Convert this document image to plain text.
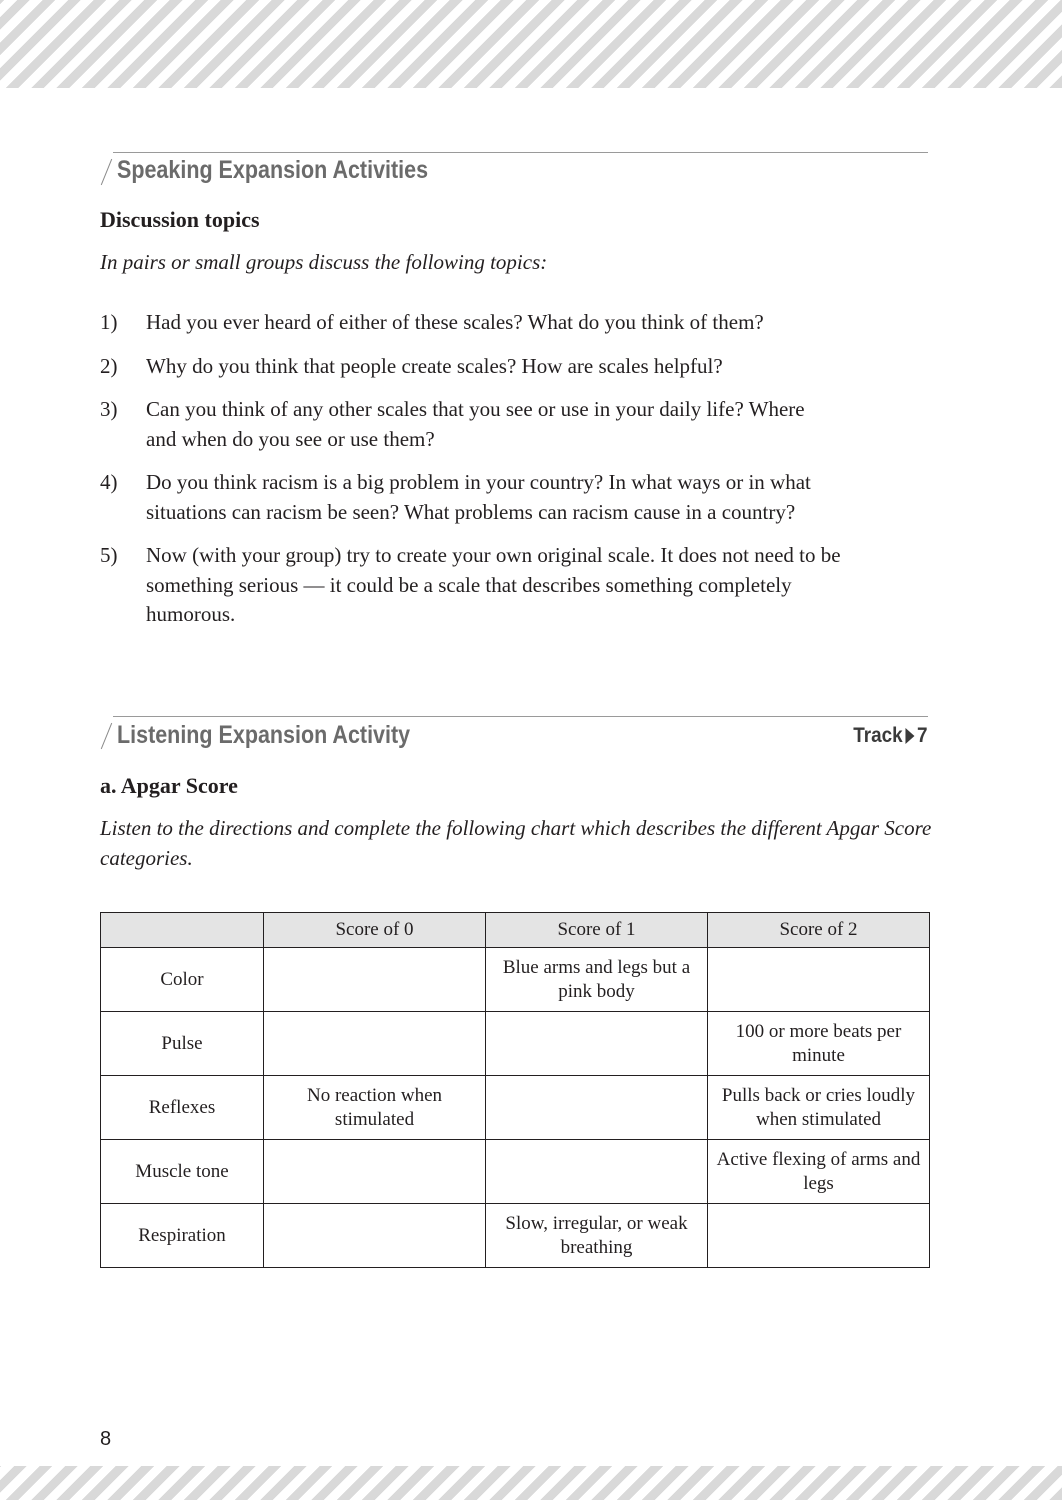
Speaking Expansion Activities
Discussion topics

In pairs or small groups discuss the following topics:

1) Had you ever heard of either of these scales? What do you think of them?
2) Why do you think that people create scales? How are scales helpful?
3) Can you think of any other scales that you see or use in your daily life? Where and when do you see or use them?
4) Do you think racism is a big problem in your country? In what ways or in what situations can racism be seen? What problems can racism cause in a country?
5) Now (with your group) try to create your own original scale. It does not need to be something serious — it could be a scale that describes something completely humorous.
Listening Expansion Activity	Track 7
a. Apgar Score

Listen to the directions and complete the following chart which describes the different Apgar Score categories.

	Score of 0	Score of 1	Score of 2
Color		Blue arms and legs but a pink body	
Pulse			100 or more beats per minute
Reflexes	No reaction when stimulated		Pulls back or cries loudly when stimulated
Muscle tone			Active flexing of arms and legs
Respiration		Slow, irregular, or weak breathing	
8
